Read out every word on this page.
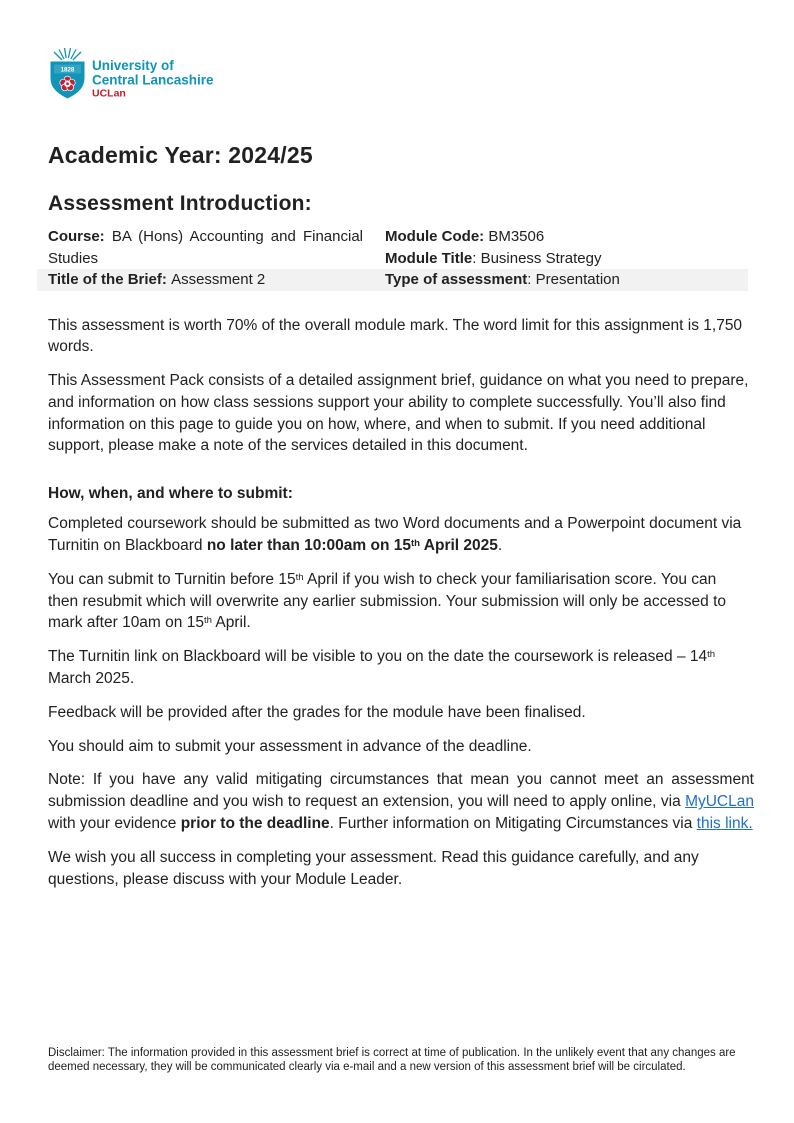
1828 University of
Central Lancashire
UCLan
Academic Year: 2024/25
Assessment Introduction:
Course: BA (Hons) Accounting and Financial Studies	Module Code: BM3506
Module Title: Business Strategy

Title of the Brief: Assessment 2	Type of assessment: Presentation

This assessment is worth 70% of the overall module mark. The word limit for this assignment is 1,750 words.

This Assessment Pack consists of a detailed assignment brief, guidance on what you need to prepare, and information on how class sessions support your ability to complete successfully. You’ll also find information on this page to guide you on how, where, and when to submit. If you need additional support, please make a note of the services detailed in this document.

How, when, and where to submit:

Completed coursework should be submitted as two Word documents and a Powerpoint document via Turnitin on Blackboard no later than 10:00am on 15th April 2025.

You can submit to Turnitin before 15th April if you wish to check your familiarisation score. You can then resubmit which will overwrite any earlier submission. Your submission will only be accessed to mark after 10am on 15th April.

The Turnitin link on Blackboard will be visible to you on the date the coursework is released – 14th March 2025.

Feedback will be provided after the grades for the module have been finalised.

You should aim to submit your assessment in advance of the deadline.

Note: If you have any valid mitigating circumstances that mean you cannot meet an assessment submission deadline and you wish to request an extension, you will need to apply online, via MyUCLan with your evidence prior to the deadline. Further information on Mitigating Circumstances via this link.

We wish you all success in completing your assessment. Read this guidance carefully, and any questions, please discuss with your Module Leader.

Disclaimer: The information provided in this assessment brief is correct at time of publication. In the unlikely event that any changes are deemed necessary, they will be communicated clearly via e-mail and a new version of this assessment brief will be circulated.
